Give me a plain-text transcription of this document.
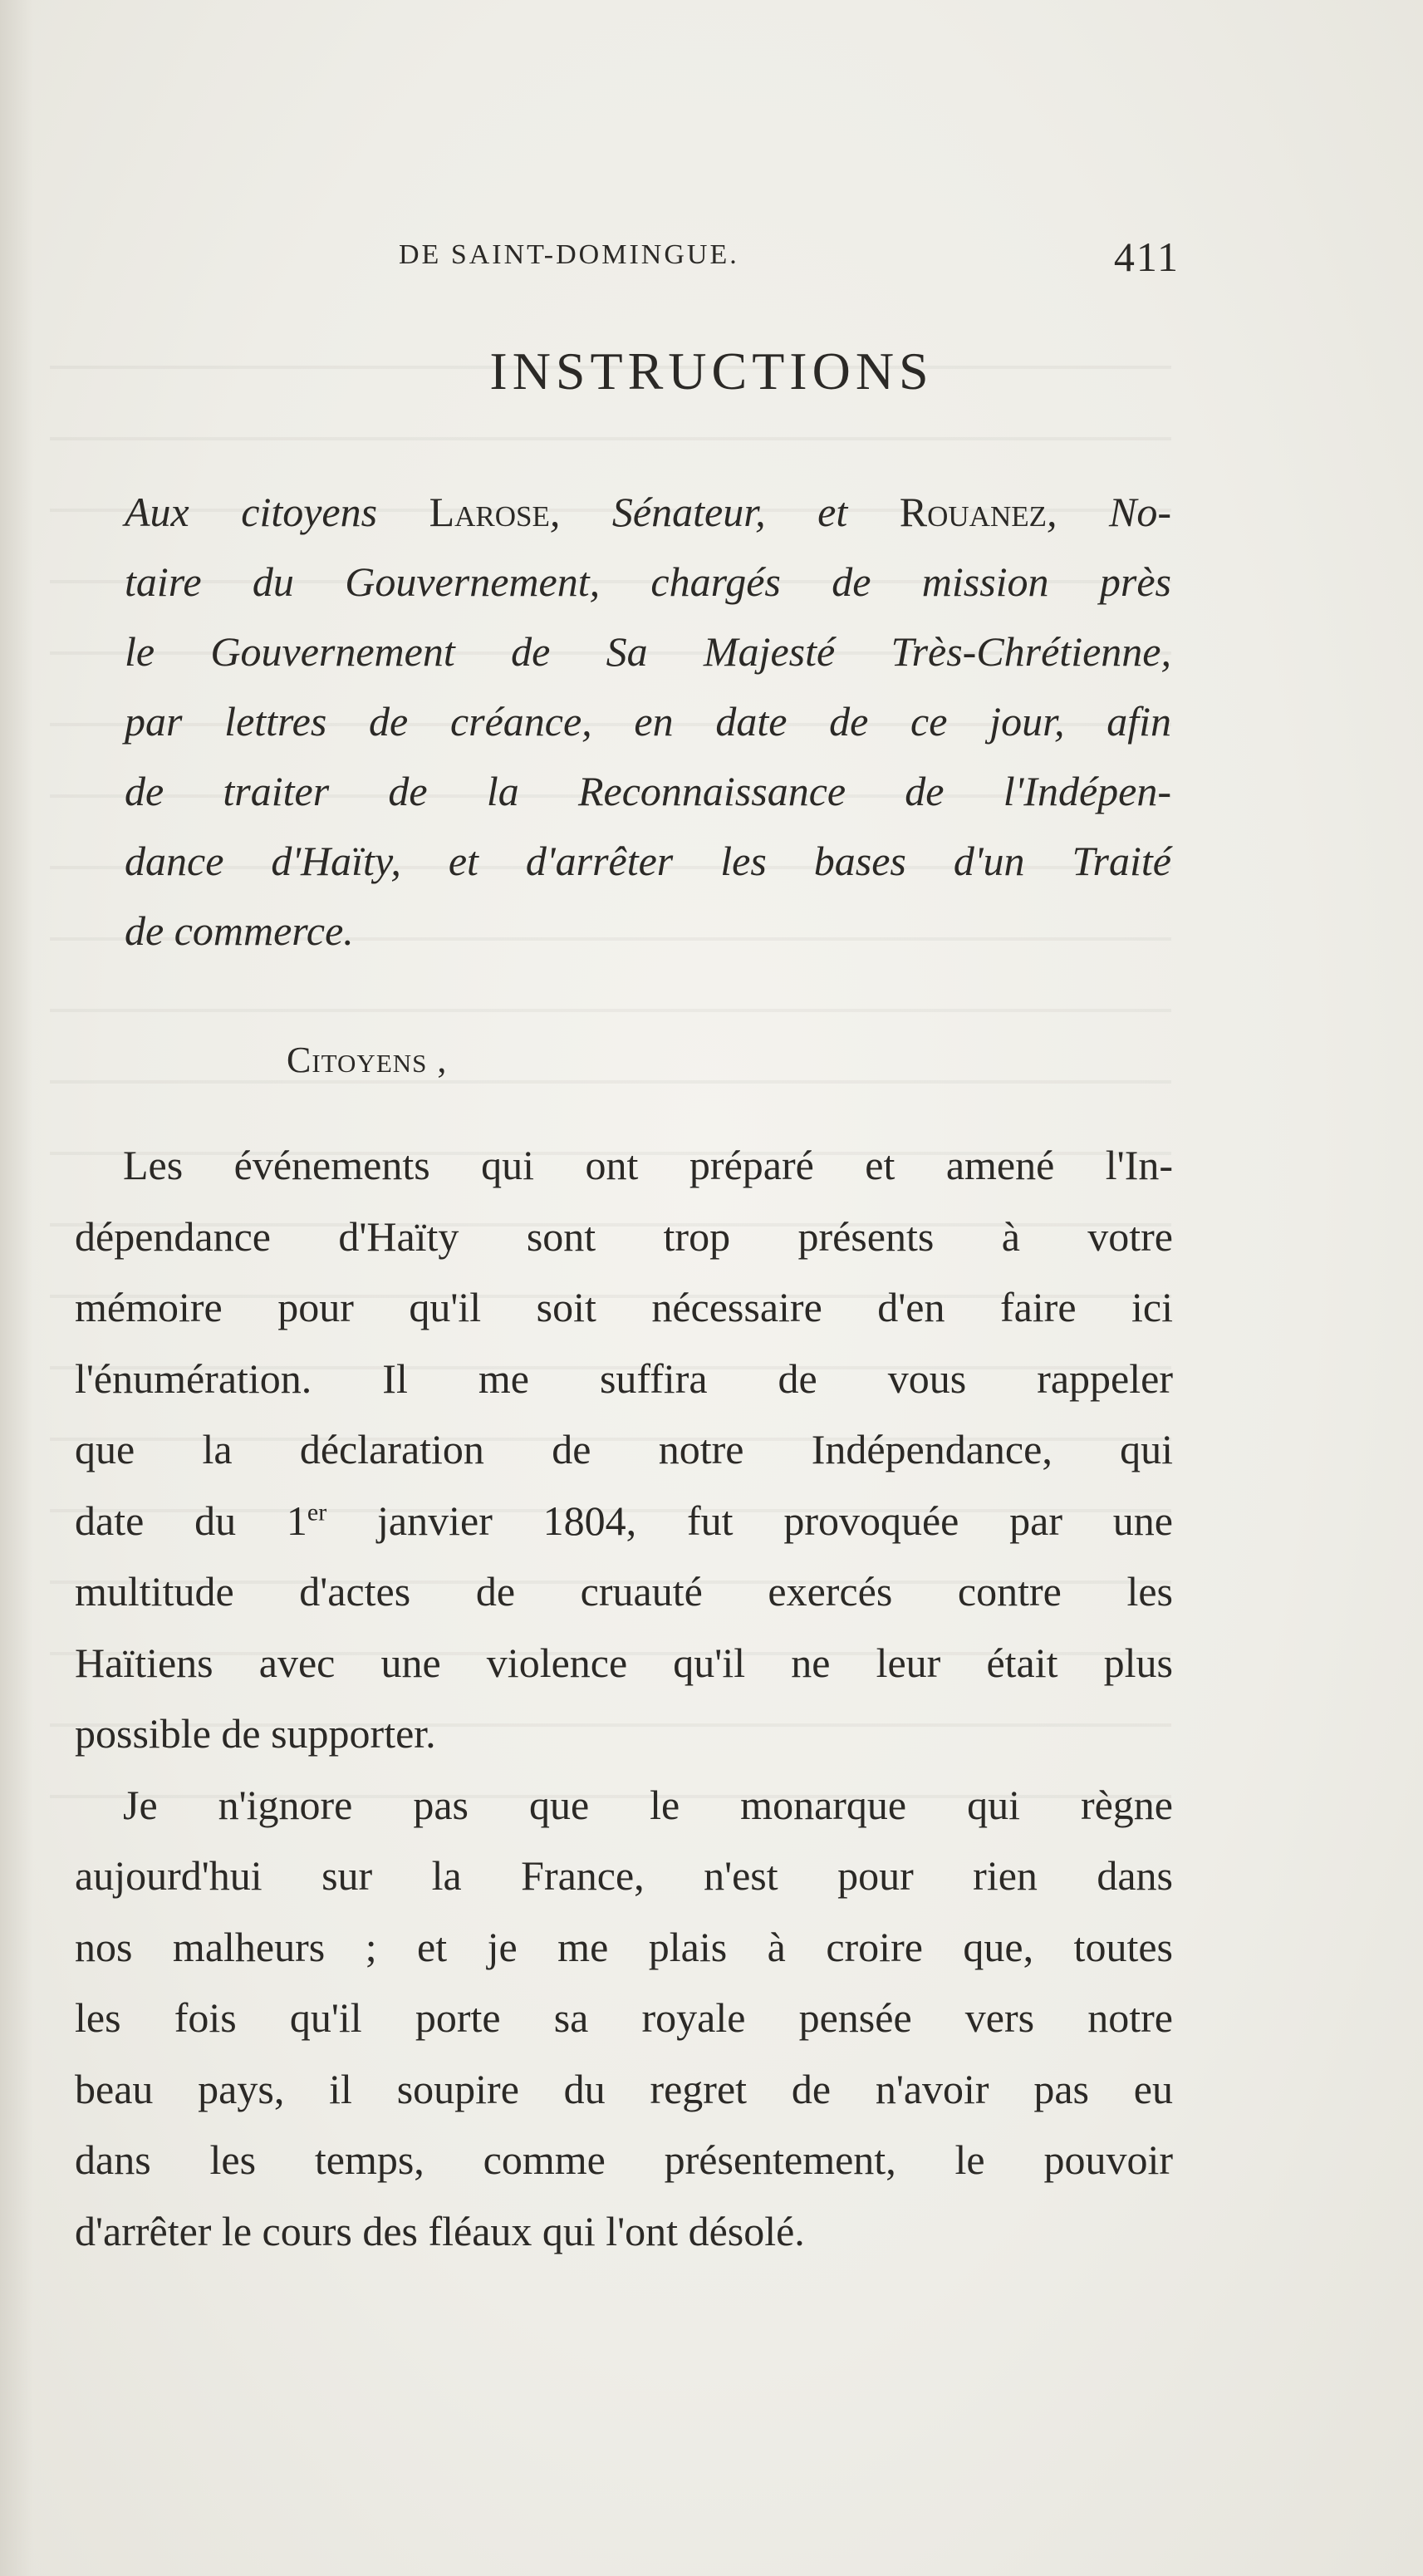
DE SAINT-DOMINGUE.	411
INSTRUCTIONS
Aux citoyens Larose, Sénateur, et Rouanez, No-
taire du Gouvernement, chargés de mission près
le Gouvernement de Sa Majesté Très-Chrétienne,
par lettres de créance, en date de ce jour, afin
de traiter de la Reconnaissance de l'Indépen-
dance d'Haïty, et d'arrêter les bases d'un Traité
de commerce.
Citoyens ,
Les événements qui ont préparé et amené l'In-
dépendance d'Haïty sont trop présents à votre
mémoire pour qu'il soit nécessaire d'en faire ici
l'énumération. Il me suffira de vous rappeler
que la déclaration de notre Indépendance, qui
date du 1er janvier 1804, fut provoquée par une
multitude d'actes de cruauté exercés contre les
Haïtiens avec une violence qu'il ne leur était plus
possible de supporter.
Je n'ignore pas que le monarque qui règne
aujourd'hui sur la France, n'est pour rien dans
nos malheurs ; et je me plais à croire que, toutes
les fois qu'il porte sa royale pensée vers notre
beau pays, il soupire du regret de n'avoir pas eu
dans les temps, comme présentement, le pouvoir
d'arrêter le cours des fléaux qui l'ont désolé.
